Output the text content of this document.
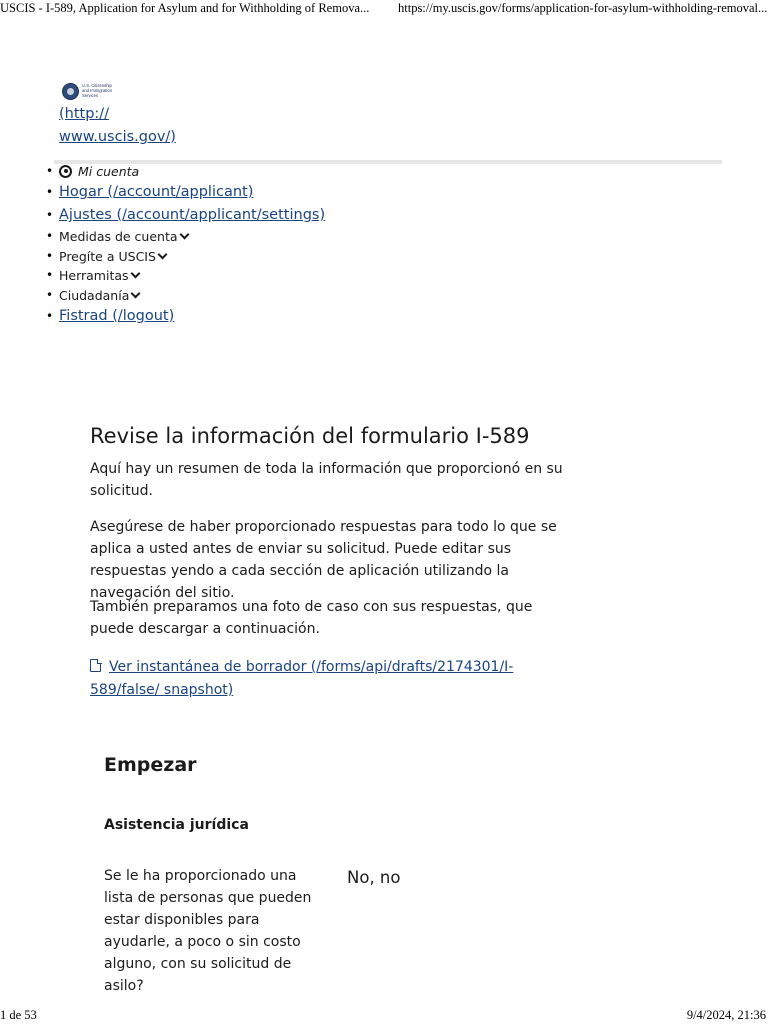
USCIS - I-589, Application for Asylum and for Withholding of Remova... https://my.uscis.gov/forms/application-for-asylum-withholding-removal...
U.S. Citizenship
and Immigration
Services
(http://
www.uscis.gov/)
• Mi cuenta
• Hogar (/account/applicant)
• Ajustes (/account/applicant/settings)
• Medidas de cuenta
• Pregíte a USCIS
• Herramitas
• Ciudadanía
• Fistrad (/logout)
Revise la información del formulario I-589

Aquí hay un resumen de toda la información que proporcionó en su solicitud.

Asegúrese de haber proporcionado respuestas para todo lo que se aplica a usted antes de enviar su solicitud. Puede editar sus respuestas yendo a cada sección de aplicación utilizando la navegación del sitio.

También preparamos una foto de caso con sus respuestas, que puede descargar a continuación.

Ver instantánea de borrador (/forms/api/drafts/2174301/I-589/false/ snapshot)
Empezar
Asistencia jurídica

Se le ha proporcionado una lista de personas que pueden estar disponibles para ayudarle, a poco o sin costo alguno, con su solicitud de asilo?

No, no

1 de 53	9/4/2024, 21:36
